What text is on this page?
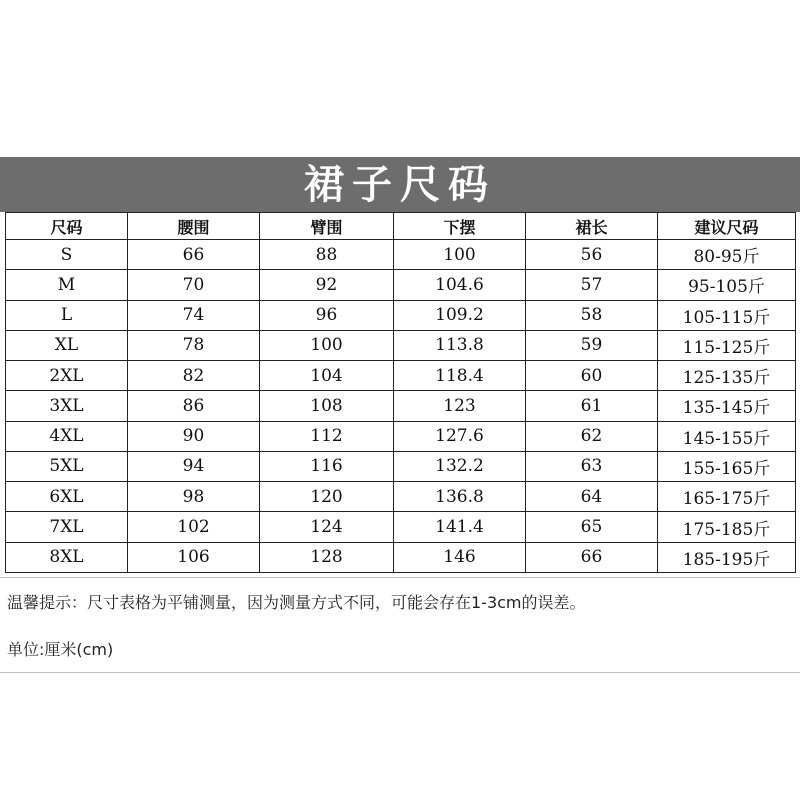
裙子尺码
尺码	腰围	臂围	下摆	裙长	建议尺码
S	66	88	100	56	80-95斤
M	70	92	104.6	57	95-105斤
L	74	96	109.2	58	105-115斤
XL	78	100	113.8	59	115-125斤
2XL	82	104	118.4	60	125-135斤
3XL	86	108	123	61	135-145斤
4XL	90	112	127.6	62	145-155斤
5XL	94	116	132.2	63	155-165斤
6XL	98	120	136.8	64	165-175斤
7XL	102	124	141.4	65	175-185斤
8XL	106	128	146	66	185-195斤
温馨提示：尺寸表格为平铺测量，因为测量方式不同，可能会存在1-3cm的误差。
单位:厘米(cm)
